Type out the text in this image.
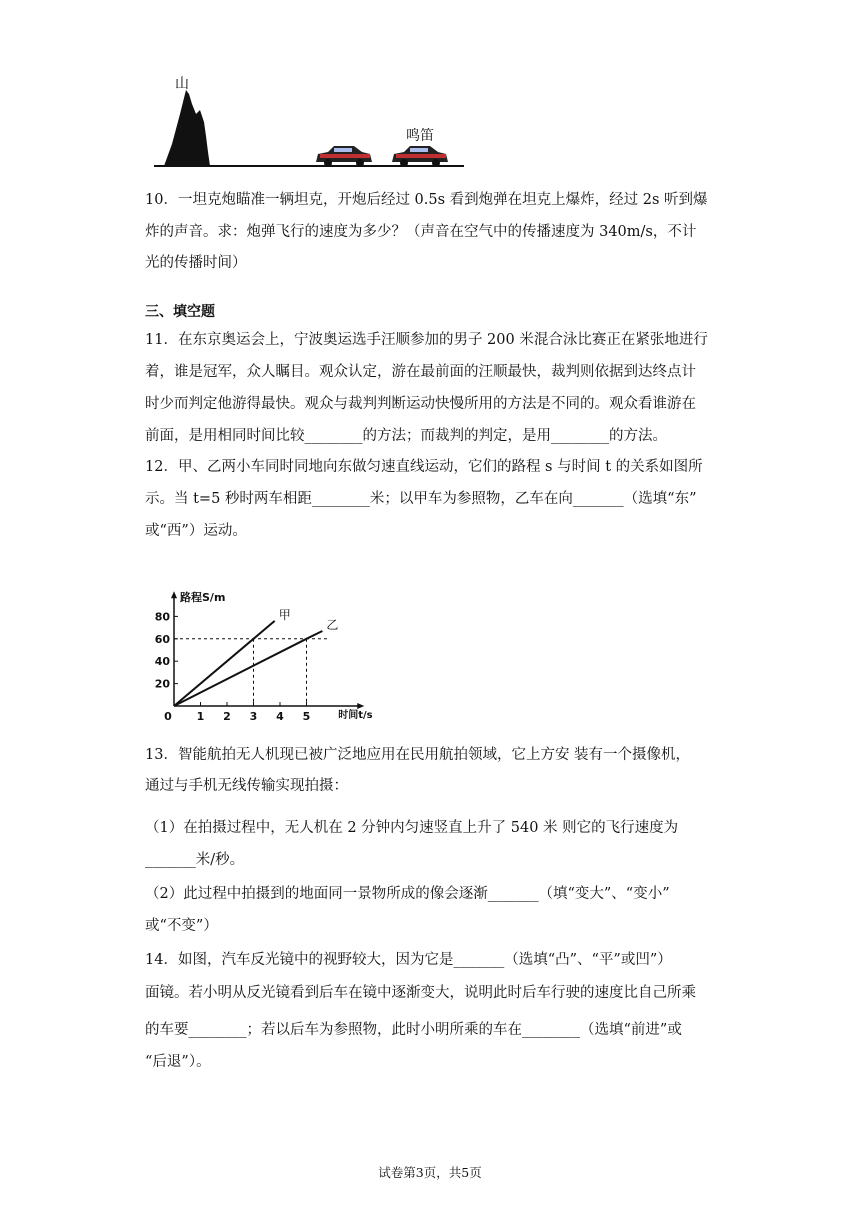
山
鸣笛
10．一坦克炮瞄准一辆坦克，开炮后经过 0.5s 看到炮弹在坦克上爆炸，经过 2s 听到爆
炸的声音。求：炮弹飞行的速度为多少？（声音在空气中的传播速度为 340m/s，不计
光的传播时间）
三、填空题
11．在东京奥运会上，宁波奥运选手汪顺参加的男子 200 米混合泳比赛正在紧张地进行
着，谁是冠军，众人瞩目。观众认定，游在最前面的汪顺最快，裁判则依据到达终点计
时少而判定他游得最快。观众与裁判判断运动快慢所用的方法是不同的。观众看谁游在
前面，是用相同时间比较________的方法；而裁判的判定，是用________的方法。
12．甲、乙两小车同时同地向东做匀速直线运动，它们的路程 s 与时间 t 的关系如图所
示。当 t=5 秒时两车相距________米；以甲车为参照物，乙车在向_______（选填“东”
或“西”）运动。
路程S/m
时间t/s
0 1 2 3 4 5
20
40
60
80	甲
乙
13．智能航拍无人机现已被广泛地应用在民用航拍领域，它上方安 装有一个摄像机，
通过与手机无线传输实现拍摄：
（1）在拍摄过程中，无人机在 2 分钟内匀速竖直上升了 540 米 则它的飞行速度为
_______米/秒。
（2）此过程中拍摄到的地面同一景物所成的像会逐渐_______（填“变大”、“变小”
或“不变”）
14．如图，汽车反光镜中的视野较大，因为它是_______（选填“凸”、“平”或凹”）
面镜。若小明从反光镜看到后车在镜中逐渐变大，说明此时后车行驶的速度比自己所乘
的车要________；若以后车为参照物，此时小明所乘的车在________（选填“前进”或
“后退”）。
试卷第3页，共5页
